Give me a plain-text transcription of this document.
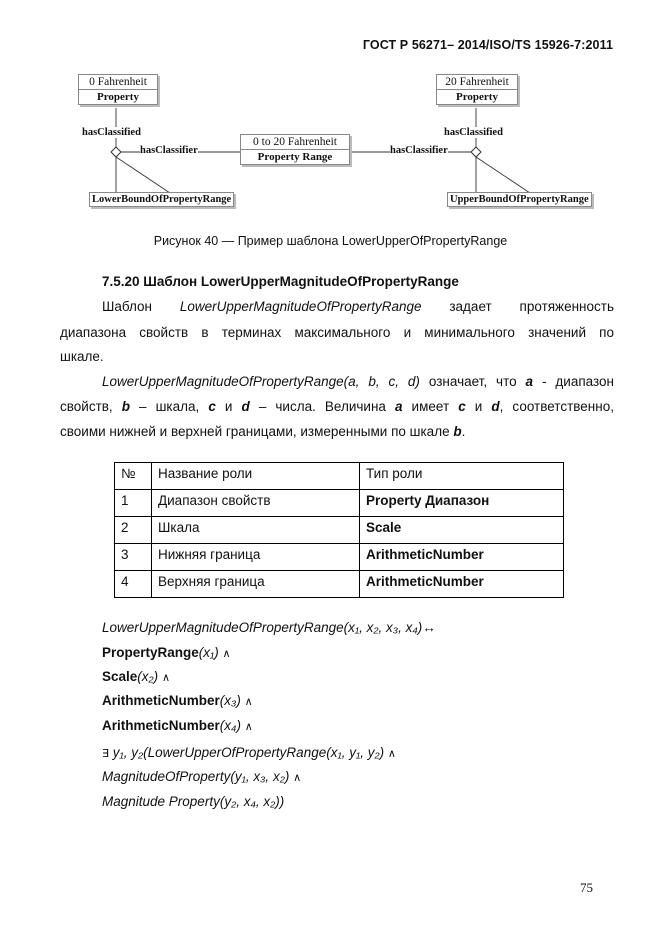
ГОСТ Р 56271– 2014/ISO/TS 15926-7:2011
0 Fahrenheit
Property
20 Fahrenheit
Property
0 to 20 Fahrenheit
Property Range
hasClassified	hasClassified
hasClassifier	hasClassifier
LowerBoundOfPropertyRange	UpperBoundOfPropertyRange
Рисунок 40 — Пример шаблона LowerUpperOfPropertyRange
7.5.20 Шаблон LowerUpperMagnitudeOfPropertyRange
Шаблон LowerUpperMagnitudeOfPropertyRange задает протяженность
диапазона свойств в терминах максимального и минимального значений по
шкале.
LowerUpperMagnitudeOfPropertyRange(a, b, c, d) означает, что a - диапазон
свойств, b – шкала, c и d – числа. Величина a имеет c и d, соответственно,
своими нижней и верхней границами, измеренными по шкале b.
№	Название роли	Тип роли
1	Диапазон свойств	Property Диапазон
2	Шкала	Scale
3	Нижняя граница	ArithmeticNumber
4	Верхняя граница	ArithmeticNumber
LowerUpperMagnitudeOfPropertyRange(x₁, x₂, x₃, x₄)↔
PropertyRange(x₁) ∧
Scale(x₂) ∧
ArithmeticNumber(x₃) ∧
ArithmeticNumber(x₄) ∧
∃ y₁, y₂(LowerUpperOfPropertyRange(x₁, y₁, y₂) ∧
MagnitudeOfProperty(y₁, x₃, x₂) ∧
Magnitude Property(y₂, x₄, x₂))
75
